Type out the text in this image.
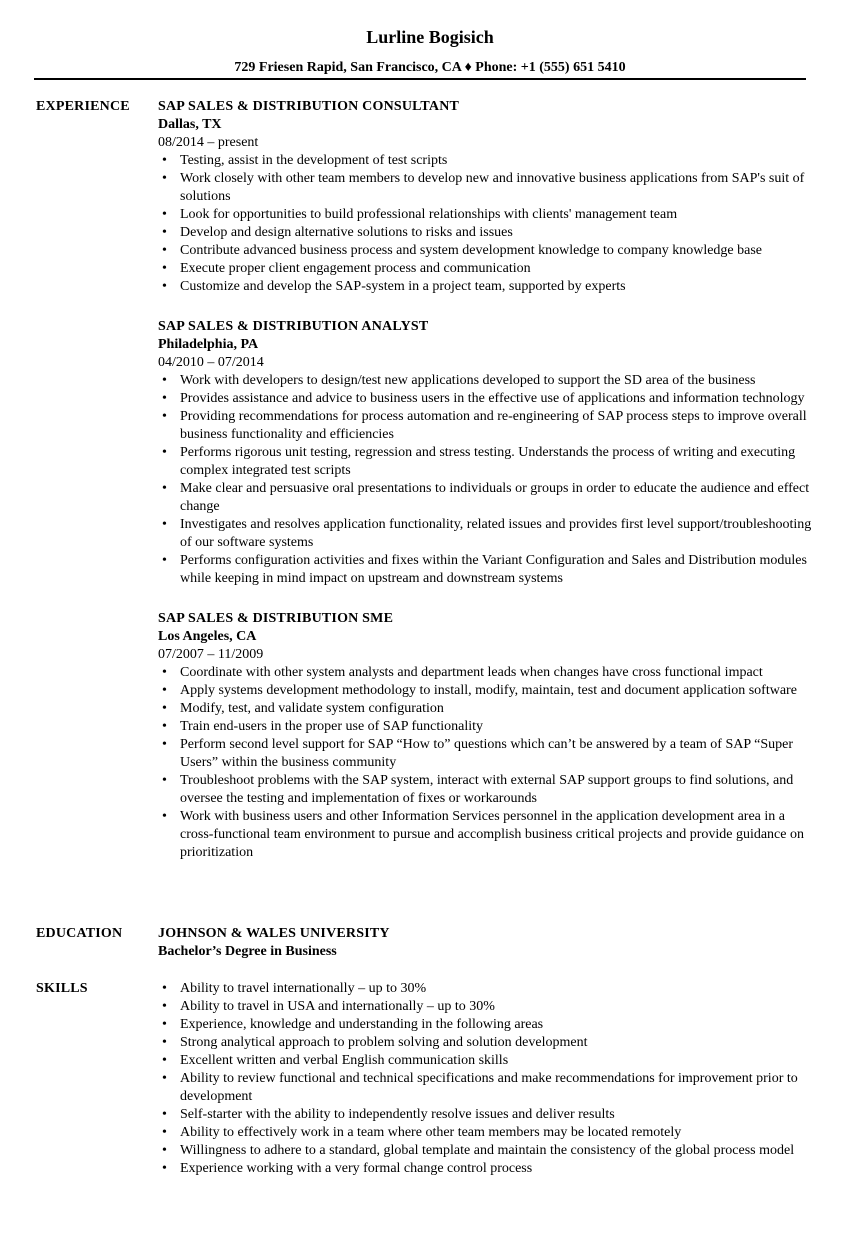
Lurline Bogisich
729 Friesen Rapid, San Francisco, CA ♦ Phone: +1 (555) 651 5410
EXPERIENCE SAP SALES & DISTRIBUTION CONSULTANT
Dallas, TX
08/2014 – present
• Testing, assist in the development of test scripts
• Work closely with other team members to develop new and innovative business applications from SAP's suit of solutions
• Look for opportunities to build professional relationships with clients' management team
• Develop and design alternative solutions to risks and issues
• Contribute advanced business process and system development knowledge to company knowledge base
• Execute proper client engagement process and communication
• Customize and develop the SAP-system in a project team, supported by experts
SAP SALES & DISTRIBUTION ANALYST
Philadelphia, PA
04/2010 – 07/2014
• Work with developers to design/test new applications developed to support the SD area of the business
• Provides assistance and advice to business users in the effective use of applications and information technology
• Providing recommendations for process automation and re-engineering of SAP process steps to improve overall business functionality and efficiencies
• Performs rigorous unit testing, regression and stress testing. Understands the process of writing and executing complex integrated test scripts
• Make clear and persuasive oral presentations to individuals or groups in order to educate the audience and effect change
• Investigates and resolves application functionality, related issues and provides first level support/troubleshooting of our software systems
• Performs configuration activities and fixes within the Variant Configuration and Sales and Distribution modules while keeping in mind impact on upstream and downstream systems
SAP SALES & DISTRIBUTION SME
Los Angeles, CA
07/2007 – 11/2009
• Coordinate with other system analysts and department leads when changes have cross functional impact
• Apply systems development methodology to install, modify, maintain, test and document application software
• Modify, test, and validate system configuration
• Train end-users in the proper use of SAP functionality
• Perform second level support for SAP “How to” questions which can’t be answered by a team of SAP “Super Users” within the business community
• Troubleshoot problems with the SAP system, interact with external SAP support groups to find solutions, and oversee the testing and implementation of fixes or workarounds
• Work with business users and other Information Services personnel in the application development area in a cross-functional team environment to pursue and accomplish business critical projects and provide guidance on prioritization
EDUCATION	JOHNSON & WALES UNIVERSITY
Bachelor’s Degree in Business
SKILLS
•	Ability to travel internationally – up to 30%
• Ability to travel in USA and internationally – up to 30%
• Experience, knowledge and understanding in the following areas
• Strong analytical approach to problem solving and solution development
• Excellent written and verbal English communication skills
• Ability to review functional and technical specifications and make recommendations for improvement prior to development
• Self-starter with the ability to independently resolve issues and deliver results
• Ability to effectively work in a team where other team members may be located remotely
• Willingness to adhere to a standard, global template and maintain the consistency of the global process model
• Experience working with a very formal change control process
